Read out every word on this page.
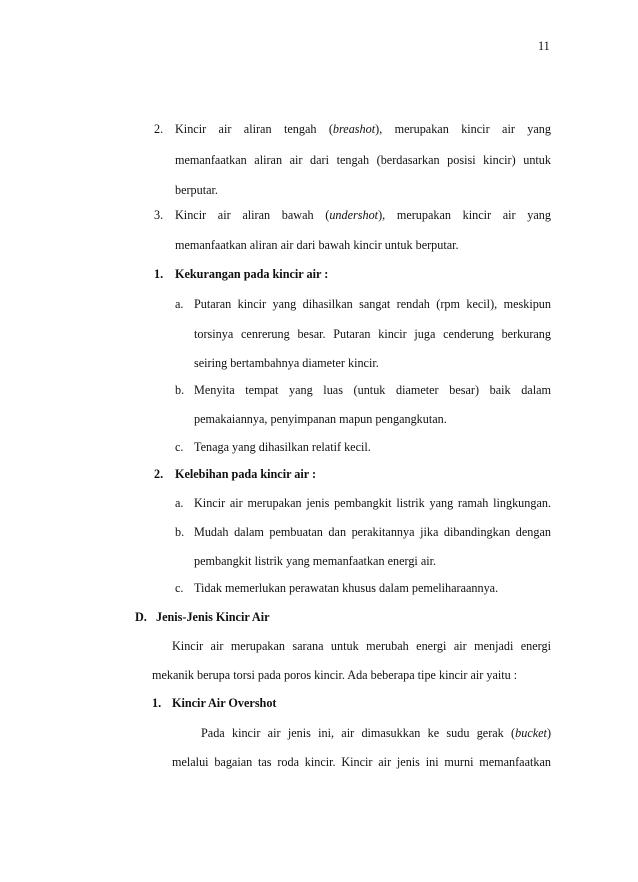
11
2. Kincir air aliran tengah (breashot), merupakan kincir air yang
memanfaatkan aliran air dari tengah (berdasarkan posisi kincir) untuk
berputar.
3. Kincir air aliran bawah (undershot), merupakan kincir air yang
memanfaatkan aliran air dari bawah kincir untuk berputar.
1. Kekurangan pada kincir air :
a. Putaran kincir yang dihasilkan sangat rendah (rpm kecil), meskipun
torsinya cenrerung besar. Putaran kincir juga cenderung berkurang
seiring bertambahnya diameter kincir.
b. Menyita tempat yang luas (untuk diameter besar) baik dalam
pemakaiannya, penyimpanan mapun pengangkutan.
c. Tenaga yang dihasilkan relatif kecil.
2. Kelebihan pada kincir air :
a. Kincir air merupakan jenis pembangkit listrik yang ramah lingkungan.
b. Mudah dalam pembuatan dan perakitannya jika dibandingkan dengan
pembangkit listrik yang memanfaatkan energi air.
c. Tidak memerlukan perawatan khusus dalam pemeliharaannya.
D.   Jenis-Jenis Kincir Air
Kincir air merupakan sarana untuk merubah energi air menjadi energi
mekanik berupa torsi pada poros kincir. Ada beberapa tipe kincir air yaitu :
1. Kincir Air Overshot
Pada kincir air jenis ini, air dimasukkan ke sudu gerak (bucket)
melalui bagaian tas roda kincir. Kincir air jenis ini murni memanfaatkan
